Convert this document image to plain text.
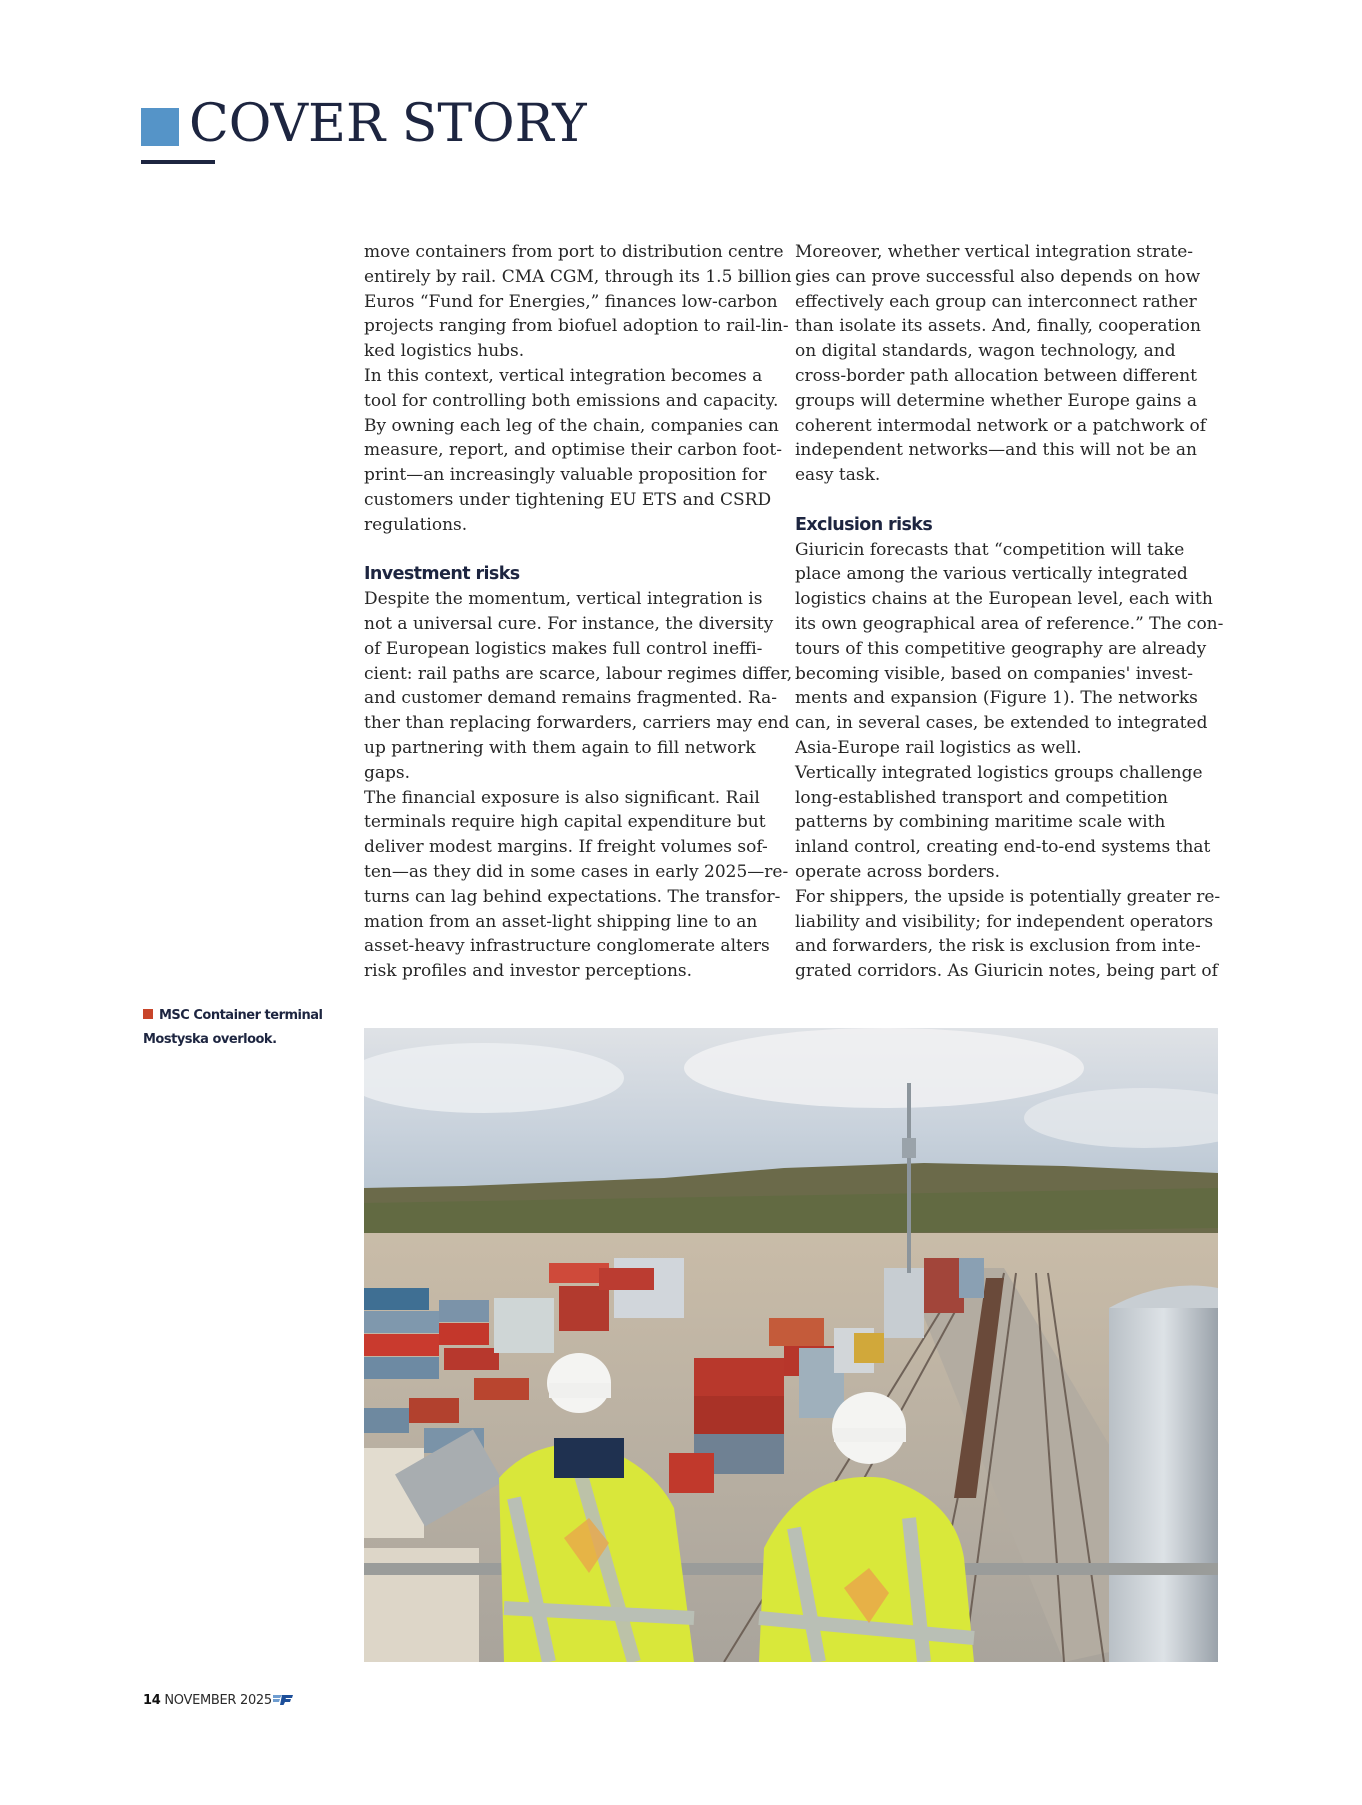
COVER STORY

move containers from port to distribution centre
entirely by rail. CMA CGM, through its 1.5 billion
Euros “Fund for Energies,” finances low-carbon
projects ranging from biofuel adoption to rail-lin-
ked logistics hubs.

In this context, vertical integration becomes a
tool for controlling both emissions and capacity.
By owning each leg of the chain, companies can
measure, report, and optimise their carbon foot-
print—an increasingly valuable proposition for
customers under tightening EU ETS and CSRD
regulations.

Investment risks

Despite the momentum, vertical integration is
not a universal cure. For instance, the diversity
of European logistics makes full control ineffi-
cient: rail paths are scarce, labour regimes differ,
and customer demand remains fragmented. Ra-
ther than replacing forwarders, carriers may end
up partnering with them again to fill network
gaps.

The financial exposure is also significant. Rail
terminals require high capital expenditure but
deliver modest margins. If freight volumes sof-
ten—as they did in some cases in early 2025—re-
turns can lag behind expectations. The transfor-
mation from an asset-light shipping line to an
asset-heavy infrastructure conglomerate alters
risk profiles and investor perceptions.

Moreover, whether vertical integration strate-
gies can prove successful also depends on how
effectively each group can interconnect rather
than isolate its assets. And, finally, cooperation
on digital standards, wagon technology, and
cross-border path allocation between different
groups will determine whether Europe gains a
coherent intermodal network or a patchwork of
independent networks—and this will not be an
easy task.

Exclusion risks

Giuricin forecasts that “competition will take
place among the various vertically integrated
logistics chains at the European level, each with
its own geographical area of reference.” The con-
tours of this competitive geography are already
becoming visible, based on companies' invest-
ments and expansion (Figure 1). The networks
can, in several cases, be extended to integrated
Asia-Europe rail logistics as well.

Vertically integrated logistics groups challenge
long-established transport and competition
patterns by combining maritime scale with
inland control, creating end-to-end systems that
operate across borders.

For shippers, the upside is potentially greater re-
liability and visibility; for independent operators
and forwarders, the risk is exclusion from inte-
grated corridors. As Giuricin notes, being part of

MSC Container terminal
Mostyska overlook.
14 NOVEMBER 2025
